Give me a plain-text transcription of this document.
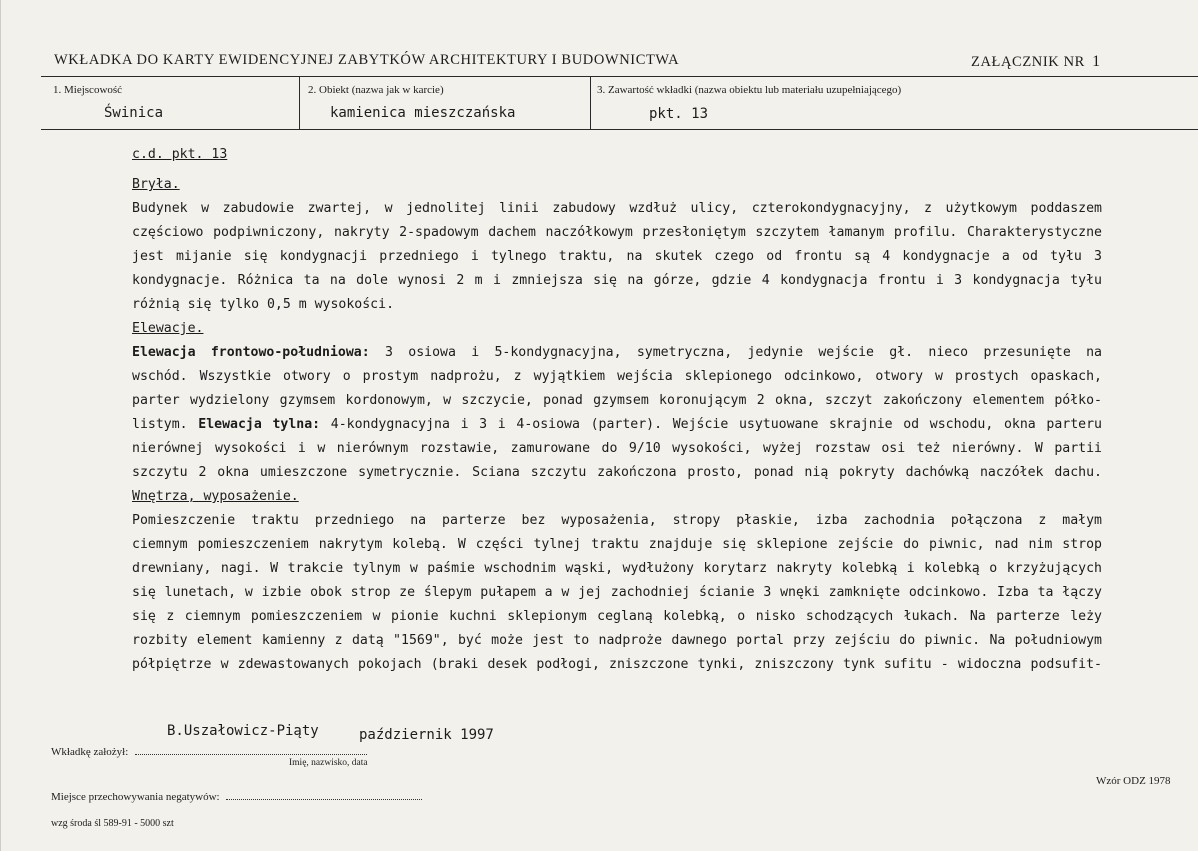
WKŁADKA DO KARTY EWIDENCYJNEJ ZABYTKÓW ARCHITEKTURY I BUDOWNICTWA	ZAŁĄCZNIK NR 1
1. Miejscowość
Świnica
2. Obiekt (nazwa jak w karcie)
kamienica mieszczańska
3. Zawartość wkładki (nazwa obiektu lub materiału uzupełniającego)
pkt. 13
c.d. pkt. 13
Bryła.
Budynek w zabudowie zwartej, w jednolitej linii zabudowy wzdłuż ulicy, czterokondygnacyjny, z użytkowym poddaszem
częściowo podpiwniczony, nakryty 2-spadowym dachem naczółkowym przesłoniętym szczytem łamanym profilu. Charakterystyczne
jest mijanie się kondygnacji przedniego i tylnego traktu, na skutek czego od frontu są 4 kondygnacje a od tyłu 3
kondygnacje. Różnica ta na dole wynosi 2 m i zmniejsza się na górze, gdzie 4 kondygnacja frontu i 3 kondygnacja tyłu
różnią się tylko 0,5 m wysokości.
Elewacje.
Elewacja frontowo-południowa: 3 osiowa i 5-kondygnacyjna, symetryczna, jedynie wejście gł. nieco przesunięte na
wschód. Wszystkie otwory o prostym nadprożu, z wyjątkiem wejścia sklepionego odcinkowo, otwory w prostych opaskach,
parter wydzielony gzymsem kordonowym, w szczycie, ponad gzymsem koronującym 2 okna, szczyt zakończony elementem półko-
listym. Elewacja tylna: 4-kondygnacyjna i 3 i 4-osiowa (parter). Wejście usytuowane skrajnie od wschodu, okna parteru
nierównej wysokości i w nierównym rozstawie, zamurowane do 9/10 wysokości, wyżej rozstaw osi też nierówny. W partii
szczytu 2 okna umieszczone symetrycznie. Sciana szczytu zakończona prosto, ponad nią pokryty dachówką naczółek dachu.
Wnętrza, wyposażenie.
Pomieszczenie traktu przedniego na parterze bez wyposażenia, stropy płaskie, izba zachodnia połączona z małym
ciemnym pomieszczeniem nakrytym kolebą. W części tylnej traktu znajduje się sklepione zejście do piwnic, nad nim strop
drewniany, nagi. W trakcie tylnym w paśmie wschodnim wąski, wydłużony korytarz nakryty kolebką i kolebką o krzyżujących
się lunetach, w izbie obok strop ze ślepym pułapem a w jej zachodniej ścianie 3 wnęki zamknięte odcinkowo. Izba ta łączy
się z ciemnym pomieszczeniem w pionie kuchni sklepionym ceglaną kolebką, o nisko schodzących łukach. Na parterze leży
rozbity element kamienny z datą "1569", być może jest to nadproże dawnego portal przy zejściu do piwnic. Na południowym
półpiętrze w zdewastowanych pokojach (braki desek podłogi, zniszczone tynki, zniszczony tynk sufitu - widoczna podsufit-
B.Uszałowicz-Piąty	październik 1997
Wkładkę założył:
Imię, nazwisko, data
Wzór ODZ 1978
Miejsce przechowywania negatywów:
wzg środa śl 589-91 - 5000 szt
